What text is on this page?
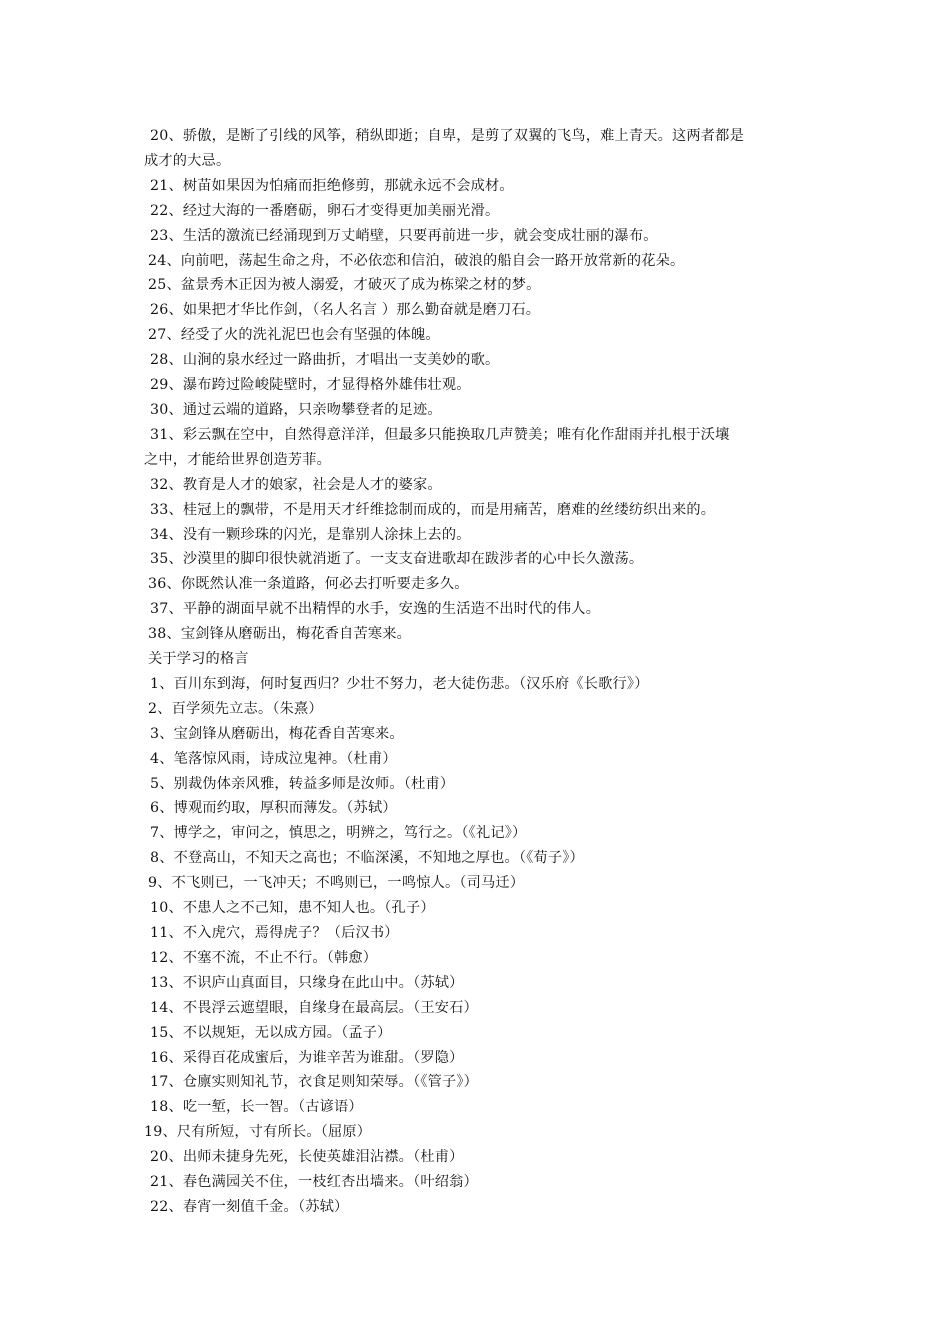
20、骄傲，是断了引线的风筝，稍纵即逝；自卑，是剪了双翼的飞鸟，难上青天。这两者都是
成才的大忌。
21、树苗如果因为怕痛而拒绝修剪，那就永远不会成材。
22、经过大海的一番磨砺，卵石才变得更加美丽光滑。
23、生活的激流已经涌现到万丈峭壁，只要再前进一步，就会变成壮丽的瀑布。
24、向前吧，荡起生命之舟，不必依恋和信泊，破浪的船自会一路开放常新的花朵。
25、盆景秀木正因为被人溺爱，才破灭了成为栋梁之材的梦。
26、如果把才华比作剑，（名人名言 ）那么勤奋就是磨刀石。
27、经受了火的洗礼泥巴也会有坚强的体魄。
28、山涧的泉水经过一路曲折，才唱出一支美妙的歌。
29、瀑布跨过险峻陡壁时，才显得格外雄伟壮观。
30、通过云端的道路，只亲吻攀登者的足迹。
31、彩云飘在空中，自然得意洋洋，但最多只能换取几声赞美；唯有化作甜雨并扎根于沃壤
之中，才能给世界创造芳菲。
32、教育是人才的娘家，社会是人才的婆家。
33、桂冠上的飘带，不是用天才纤维捻制而成的，而是用痛苦，磨难的丝缕纺织出来的。
34、没有一颗珍珠的闪光，是靠别人涂抹上去的。
35、沙漠里的脚印很快就消逝了。一支支奋进歌却在跋涉者的心中长久激荡。
36、你既然认准一条道路，何必去打听要走多久。
37、平静的湖面早就不出精悍的水手，安逸的生活造不出时代的伟人。
38、宝剑锋从磨砺出，梅花香自苦寒来。
关于学习的格言
1、百川东到海，何时复西归？少壮不努力，老大徒伤悲。（汉乐府《长歌行》）
2、百学须先立志。（朱熹）
3、宝剑锋从磨砺出，梅花香自苦寒来。
4、笔落惊风雨，诗成泣鬼神。（杜甫）
5、别裁伪体亲风雅，转益多师是汝师。（杜甫）
6、博观而约取，厚积而薄发。（苏轼）
7、博学之，审问之，慎思之，明辨之，笃行之。（《礼记》）
8、不登高山，不知天之高也；不临深溪，不知地之厚也。（《荀子》）
9、不飞则已，一飞冲天；不鸣则已，一鸣惊人。（司马迁）
10、不患人之不己知，患不知人也。（孔子）
11、不入虎穴，焉得虎子？（后汉书）
12、不塞不流，不止不行。（韩愈）
13、不识庐山真面目，只缘身在此山中。（苏轼）
14、不畏浮云遮望眼，自缘身在最高层。（王安石）
15、不以规矩，无以成方园。（孟子）
16、采得百花成蜜后，为谁辛苦为谁甜。（罗隐）
17、仓廪实则知礼节，衣食足则知荣辱。（《管子》）
18、吃一堑，长一智。（古谚语）
19、尺有所短，寸有所长。（屈原）
20、出师未捷身先死，长使英雄泪沾襟。（杜甫）
21、春色满园关不住，一枝红杏出墙来。（叶绍翁）
22、春宵一刻值千金。（苏轼）
